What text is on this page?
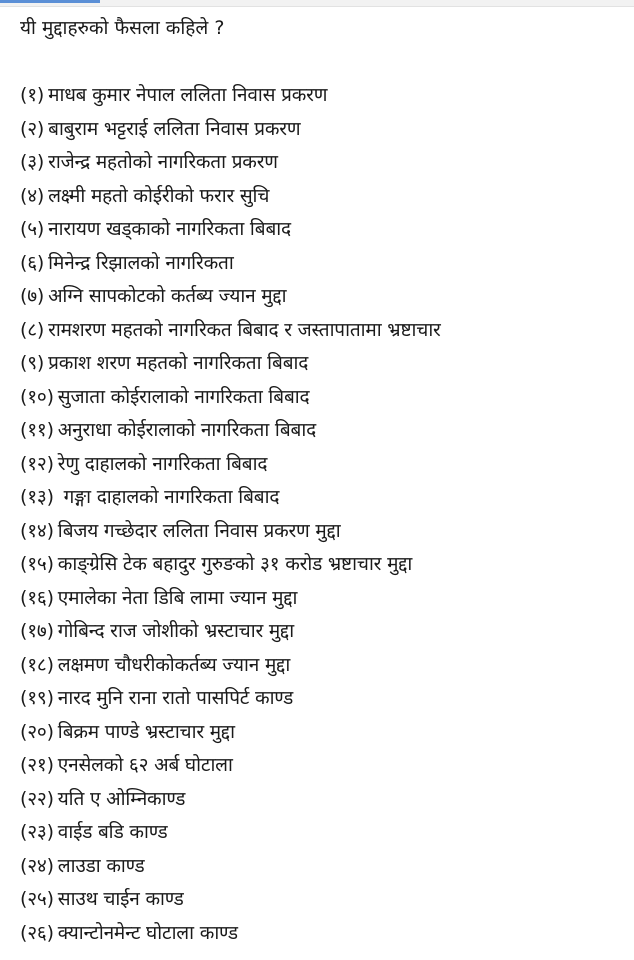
यी मुद्दाहरुको फैसला कहिले ?
(१) माधब कुमार नेपाल ललिता निवास प्रकरण
(२) बाबुराम भट्टराई ललिता निवास प्रकरण
(३) राजेन्द्र महतोको नागरिकता प्रकरण
(४) लक्ष्मी महतो कोईरीको फरार सुचि
(५) नारायण खड्काको नागरिकता बिबाद
(६) मिनेन्द्र रिझालको नागरिकता
(७) अग्नि सापकोटको कर्तब्य ज्यान मुद्दा
(८) रामशरण महतको नागरिकत बिबाद र जस्तापातामा भ्रष्टाचार
(९) प्रकाश शरण महतको नागरिकता बिबाद
(१०) सुजाता कोईरालाको नागरिकता बिबाद
(११) अनुराधा कोईरालाको नागरिकता बिबाद
(१२) रेणु दाहालको नागरिकता बिबाद
(१३) गङ्गा दाहालको नागरिकता बिबाद
(१४) बिजय गच्छेदार ललिता निवास प्रकरण मुद्दा
(१५) काङ्ग्रेसि टेक बहादुर गुरुङको ३१ करोड भ्रष्टाचार मुद्दा
(१६) एमालेका नेता डिबि लामा ज्यान मुद्दा
(१७) गोबिन्द राज जोशीको भ्रस्टाचार मुद्दा
(१८) लक्षमण चौधरीकोकर्तब्य ज्यान मुद्दा
(१९) नारद मुनि राना रातो पासपिर्ट काण्ड
(२०) बिक्रम पाण्डे भ्रस्टाचार मुद्दा
(२१) एनसेलको ६२ अर्ब घोटाला
(२२) यति ए ओम्निकाण्ड
(२३) वाईड बडि काण्ड
(२४) लाउडा काण्ड
(२५) साउथ चाईन काण्ड
(२६) क्यान्टोनमेन्ट घोटाला काण्ड
